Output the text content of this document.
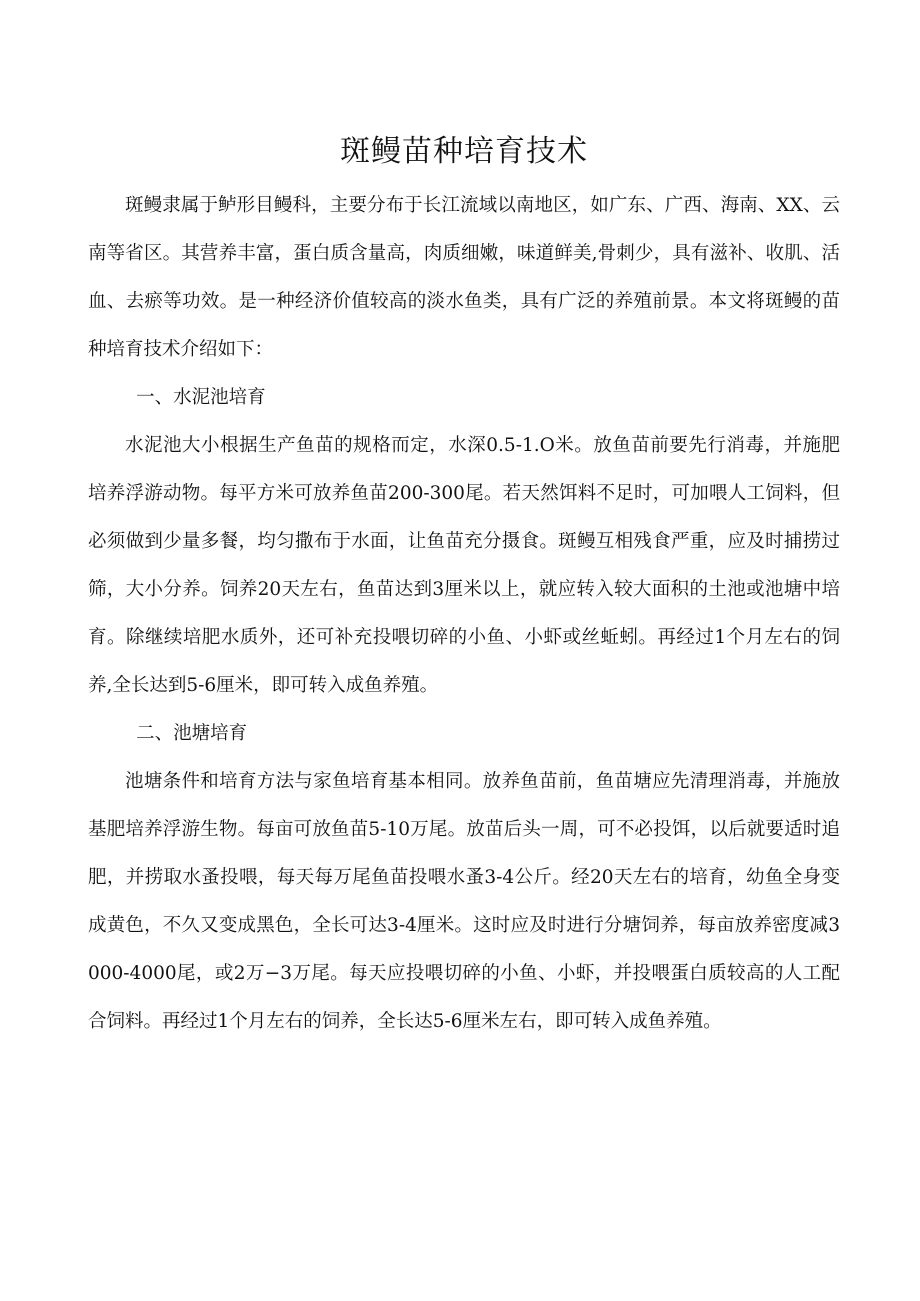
斑鳗苗种培育技术

斑鳗隶属于鲈形目鳗科，主要分布于长江流域以南地区，如广东、广西、海南、XX、云南等省区。其营养丰富，蛋白质含量高，肉质细嫩，味道鲜美,骨刺少，具有滋补、收肌、活血、去瘀等功效。是一种经济价值较高的淡水鱼类，具有广泛的养殖前景。本文将斑鳗的苗种培育技术介绍如下：

一、水泥池培育

水泥池大小根据生产鱼苗的规格而定，水深0.5-1.O米。放鱼苗前要先行消毒，并施肥培养浮游动物。每平方米可放养鱼苗200-300尾。若天然饵料不足时，可加喂人工饲料，但必须做到少量多餐，均匀撒布于水面，让鱼苗充分摄食。斑鳗互相残食严重，应及时捕捞过筛，大小分养。饲养20天左右，鱼苗达到3厘米以上，就应转入较大面积的土池或池塘中培育。除继续培肥水质外，还可补充投喂切碎的小鱼、小虾或丝蚯蚓。再经过1个月左右的饲养,全长达到5-6厘米，即可转入成鱼养殖。

二、池塘培育

池塘条件和培育方法与家鱼培育基本相同。放养鱼苗前，鱼苗塘应先清理消毒，并施放基肥培养浮游生物。每亩可放鱼苗5-10万尾。放苗后头一周，可不必投饵，以后就要适时追肥，并捞取水蚤投喂，每天每万尾鱼苗投喂水蚤3-4公斤。经20天左右的培育，幼鱼全身变成黄色，不久又变成黑色，全长可达3-4厘米。这时应及时进行分塘饲养，每亩放养密度减3000-4000尾，或2万−3万尾。每天应投喂切碎的小鱼、小虾，并投喂蛋白质较高的人工配合饲料。再经过1个月左右的饲养，全长达5-6厘米左右，即可转入成鱼养殖。
